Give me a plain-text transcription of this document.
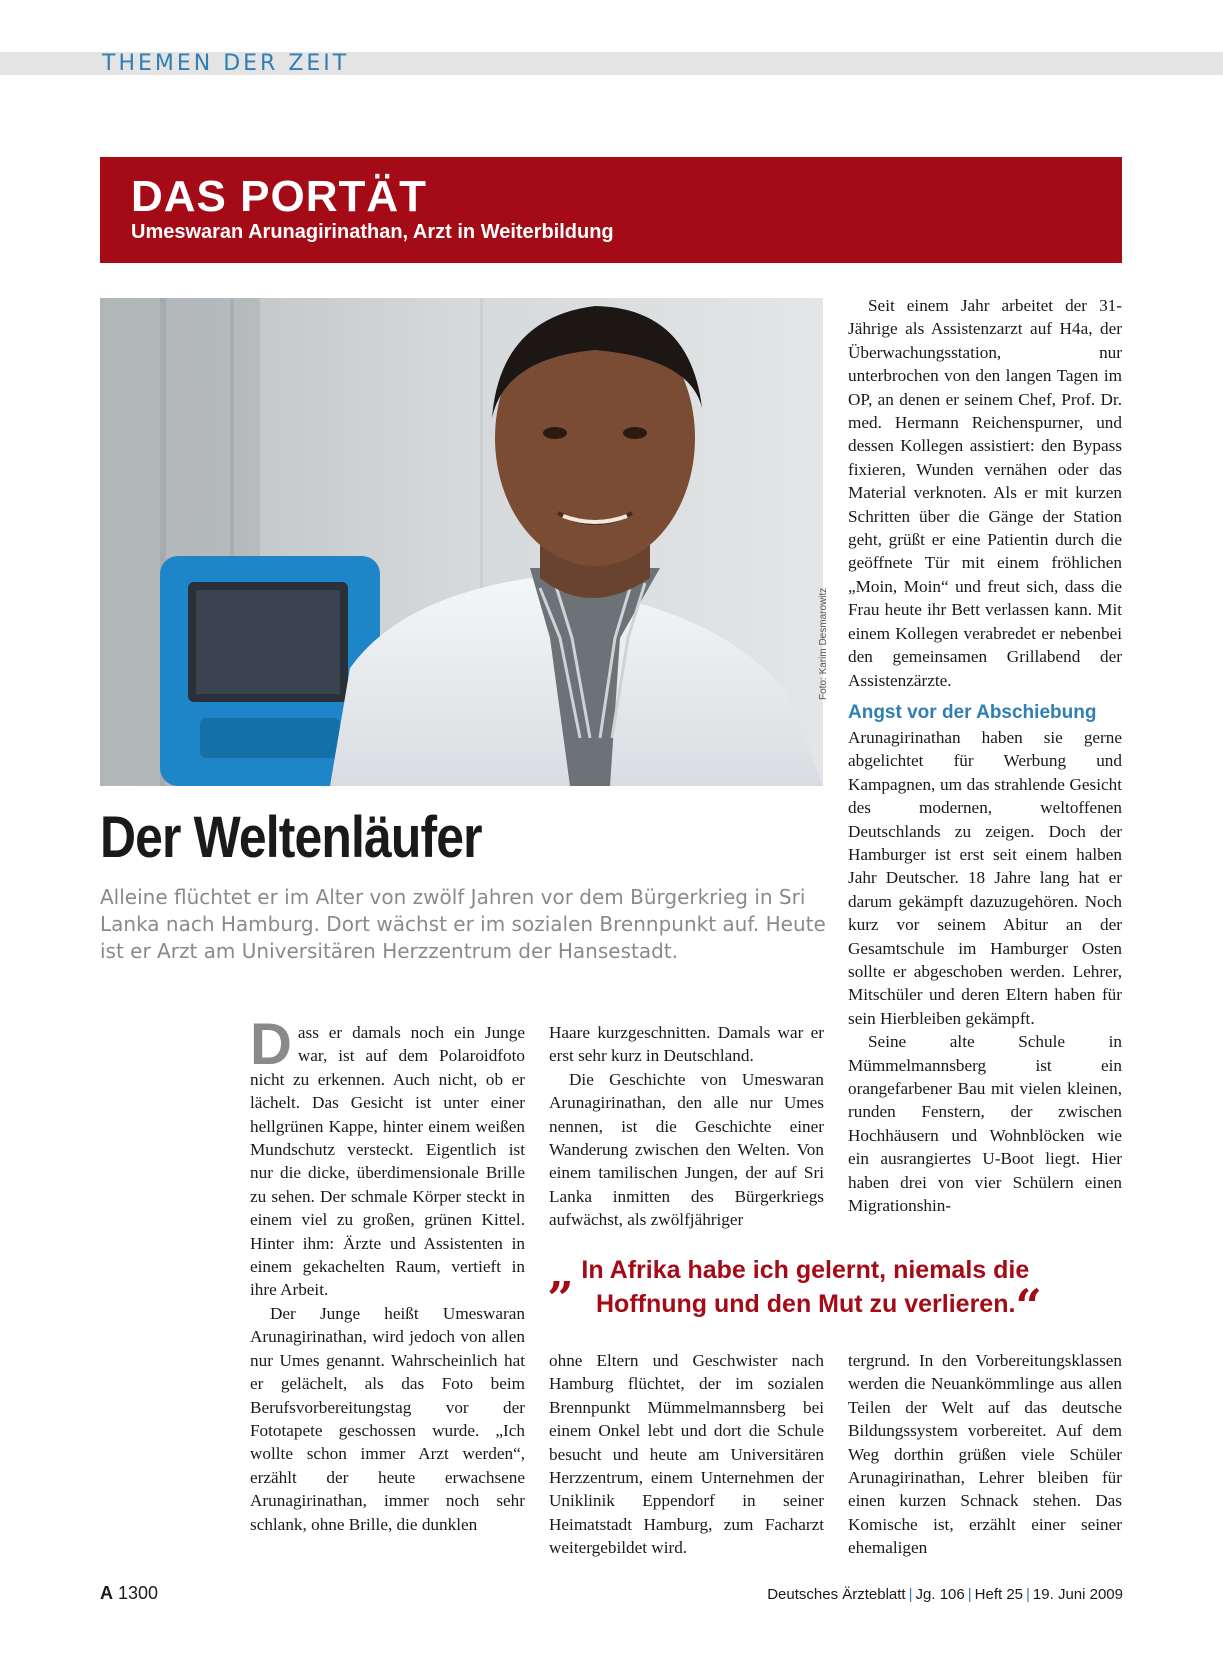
THEMEN DER ZEIT
DAS PORTÄT
Umeswaran Arunagirinathan, Arzt in Weiterbildung
Foto: Karim Desmarowitz
Der Weltenläufer
Alleine flüchtet er im Alter von zwölf Jahren vor dem Bürgerkrieg in Sri Lanka nach Hamburg. Dort wächst er im sozialen Brennpunkt auf. Heute ist er Arzt am Universitären Herzzentrum der Hansestadt.

Dass er damals noch ein Junge war, ist auf dem Polaroidfoto nicht zu erkennen. Auch nicht, ob er lächelt. Das Gesicht ist unter einer hellgrünen Kappe, hinter einem weißen Mundschutz versteckt. Eigentlich ist nur die dicke, überdimensionale Brille zu sehen. Der schmale Körper steckt in einem viel zu großen, grünen Kittel. Hinter ihm: Ärzte und Assistenten in einem gekachelten Raum, vertieft in ihre Arbeit.

Der Junge heißt Umeswaran Arunagirinathan, wird jedoch von allen nur Umes genannt. Wahrscheinlich hat er gelächelt, als das Foto beim Berufsvorbereitungstag vor der Fototapete geschossen wurde. „Ich wollte schon immer Arzt werden“, erzählt der heute erwachsene Arunagirinathan, immer noch sehr schlank, ohne Brille, die dunklen

Haare kurzgeschnitten. Damals war er erst sehr kurz in Deutschland.

Die Geschichte von Umeswaran Arunagirinathan, den alle nur Umes nennen, ist die Geschichte einer Wanderung zwischen den Welten. Von einem tamilischen Jungen, der auf Sri Lanka inmitten des Bürgerkriegs aufwächst, als zwölfjähriger

Seit einem Jahr arbeitet der 31-Jährige als Assistenzarzt auf H4a, der Überwachungsstation, nur unterbrochen von den langen Tagen im OP, an denen er seinem Chef, Prof. Dr. med. Hermann Reichenspurner, und dessen Kollegen assistiert: den Bypass fixieren, Wunden vernähen oder das Material verknoten. Als er mit kurzen Schritten über die Gänge der Station geht, grüßt er eine Patientin durch die geöffnete Tür mit einem fröhlichen „Moin, Moin“ und freut sich, dass die Frau heute ihr Bett verlassen kann. Mit einem Kollegen verabredet er nebenbei den gemeinsamen Grillabend der Assistenzärzte.

Angst vor der Abschiebung

Arunagirinathan haben sie gerne abgelichtet für Werbung und Kampagnen, um das strahlende Gesicht des modernen, weltoffenen Deutschlands zu zeigen. Doch der Hamburger ist erst seit einem halben Jahr Deutscher. 18 Jahre lang hat er darum gekämpft dazuzugehören. Noch kurz vor seinem Abitur an der Gesamtschule im Hamburger Osten sollte er abgeschoben werden. Lehrer, Mitschüler und deren Eltern haben für sein Hierbleiben gekämpft.

Seine alte Schule in Mümmelmannsberg ist ein orangefarbener Bau mit vielen kleinen, runden Fenstern, der zwischen Hochhäusern und Wohnblöcken wie ein ausrangiertes U-Boot liegt. Hier haben drei von vier Schülern einen Migrationshin-

„ In Afrika habe ich gelernt, niemals die
Hoffnung und den Mut zu verlieren.“

ohne Eltern und Geschwister nach Hamburg flüchtet, der im sozialen Brennpunkt Mümmelmannsberg bei einem Onkel lebt und dort die Schule besucht und heute am Universitären Herzzentrum, einem Unternehmen der Uniklinik Eppendorf in seiner Heimatstadt Hamburg, zum Facharzt weitergebildet wird.

tergrund. In den Vorbereitungsklassen werden die Neuankömmlinge aus allen Teilen der Welt auf das deutsche Bildungssystem vorbereitet. Auf dem Weg dorthin grüßen viele Schüler Arunagirinathan, Lehrer bleiben für einen kurzen Schnack stehen. Das Komische ist, erzählt einer seiner ehemaligen

A 1300	Deutsches Ärzteblatt | Jg. 106 | Heft 25 | 19. Juni 2009
